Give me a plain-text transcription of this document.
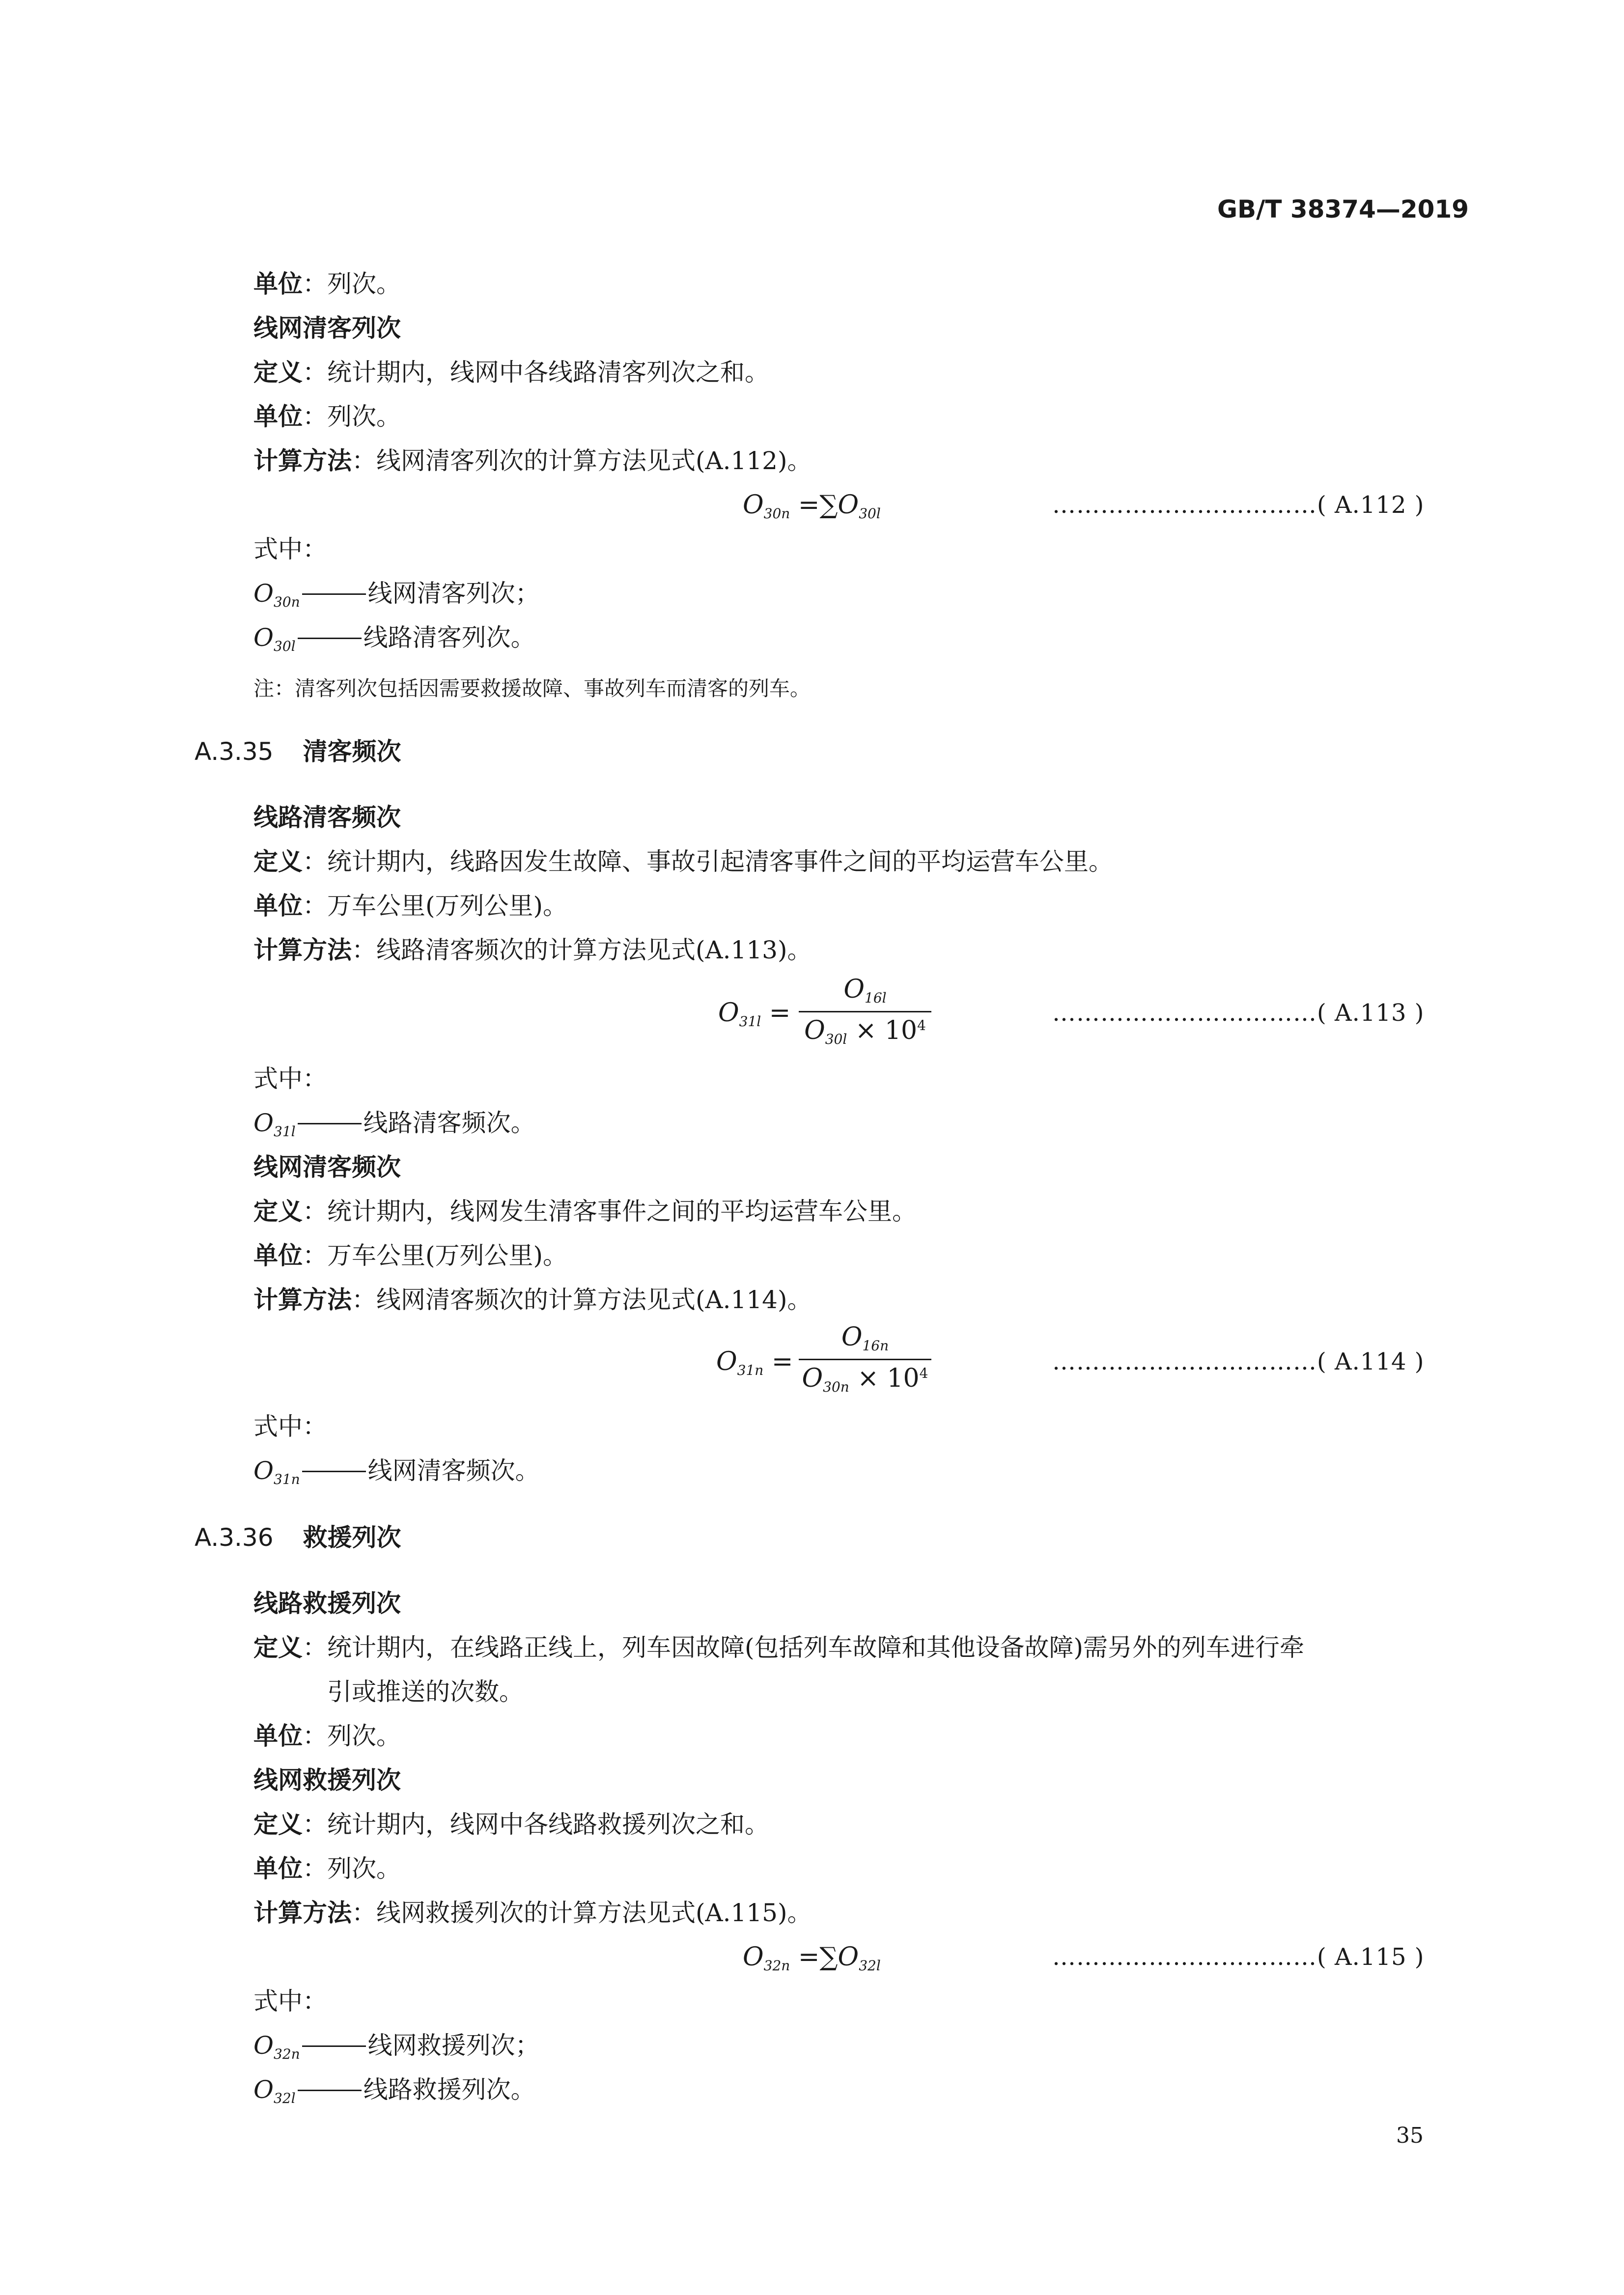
GB/T 38374—2019
单位：列次。
线网清客列次
定义：统计期内，线网中各线路清客列次之和。
单位：列次。
计算方法：线网清客列次的计算方法见式(A.112)。
$O_{30n} =\sum O_{30l}$	……………………………( A.112 )
式中：
$O_{30n}$	线网清客列次；
$O_{30l}$	线路清客列次。
注：清客列次包括因需要救援故障、事故列车而清客的列车。
A.3.35 清客频次
线路清客频次
定义：统计期内，线路因发生故障、事故引起清客事件之间的平均运营车公里。
单位：万车公里(万列公里)。
计算方法：线路清客频次的计算方法见式(A.113)。
$O_{31l}$ =
$O_{16l}$
$O_{30l} \times 10^4$	……………………………( A.113 )
式中：
$O_{31l}$	线路清客频次。
线网清客频次
定义：统计期内，线网发生清客事件之间的平均运营车公里。
单位：万车公里(万列公里)。
计算方法：线网清客频次的计算方法见式(A.114)。
$O_{31n}$ =
$O_{16n}$
$O_{30n} \times 10^4$	……………………………( A.114 )
式中：
$O_{31n}$	线网清客频次。
A.3.36 救援列次
线路救援列次
定义：统计期内，在线路正线上，列车因故障(包括列车故障和其他设备故障)需另外的列车进行牵
引或推送的次数。
单位：列次。
线网救援列次
定义：统计期内，线网中各线路救援列次之和。
单位：列次。
计算方法：线网救援列次的计算方法见式(A.115)。
$O_{32n} =\sum O_{32l}$	……………………………( A.115 )
式中：
$O_{32n}$	线网救援列次；
$O_{32l}$	线路救援列次。
35
